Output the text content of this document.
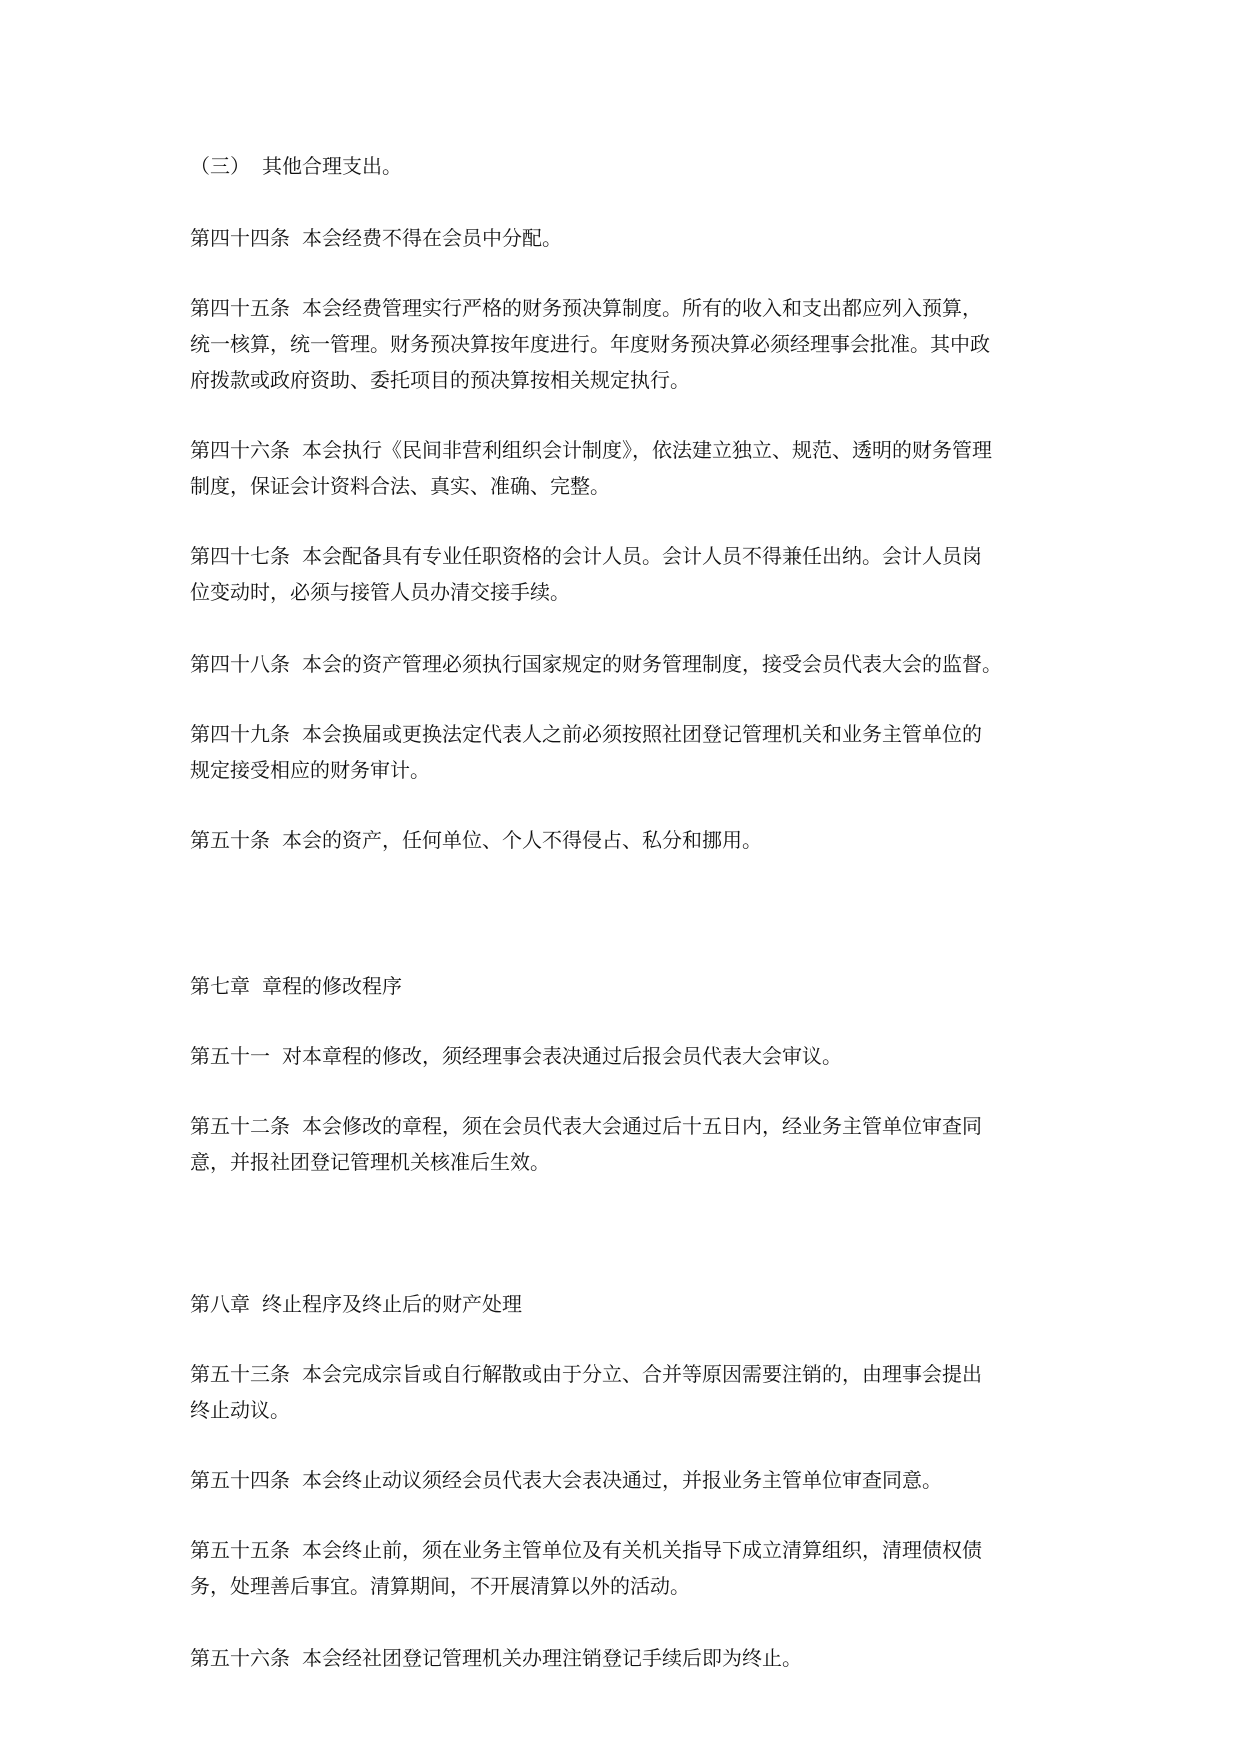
（三） 其他合理支出。

第四十四条 本会经费不得在会员中分配。

第四十五条 本会经费管理实行严格的财务预决算制度。所有的收入和支出都应列入预算，
统一核算，统一管理。财务预决算按年度进行。年度财务预决算必须经理事会批准。其中政
府拨款或政府资助、委托项目的预决算按相关规定执行。

第四十六条 本会执行《民间非营利组织会计制度》，依法建立独立、规范、透明的财务管理
制度，保证会计资料合法、真实、准确、完整。

第四十七条 本会配备具有专业任职资格的会计人员。会计人员不得兼任出纳。会计人员岗
位变动时，必须与接管人员办清交接手续。

第四十八条 本会的资产管理必须执行国家规定的财务管理制度，接受会员代表大会的监督。

第四十九条 本会换届或更换法定代表人之前必须按照社团登记管理机关和业务主管单位的
规定接受相应的财务审计。

第五十条 本会的资产，任何单位、个人不得侵占、私分和挪用。

第七章 章程的修改程序

第五十一 对本章程的修改，须经理事会表决通过后报会员代表大会审议。

第五十二条 本会修改的章程，须在会员代表大会通过后十五日内，经业务主管单位审查同
意，并报社团登记管理机关核准后生效。

第八章 终止程序及终止后的财产处理

第五十三条 本会完成宗旨或自行解散或由于分立、合并等原因需要注销的，由理事会提出
终止动议。

第五十四条 本会终止动议须经会员代表大会表决通过，并报业务主管单位审查同意。

第五十五条 本会终止前，须在业务主管单位及有关机关指导下成立清算组织，清理债权债
务，处理善后事宜。清算期间，不开展清算以外的活动。

第五十六条 本会经社团登记管理机关办理注销登记手续后即为终止。
